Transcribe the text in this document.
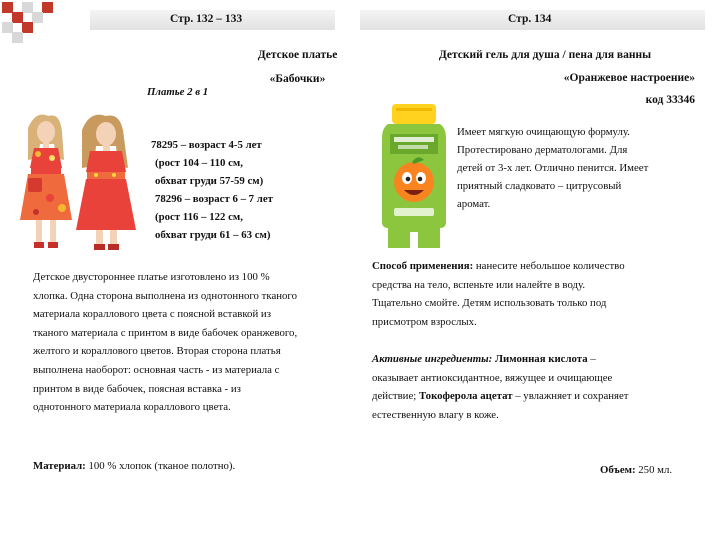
Стр. 132 – 133	Стр. 134
Детское платье
«Бабочки»
Платье 2 в 1
78295 – возраст 4-5 лет
(рост 104 – 110 см,
обхват груди 57-59 см)
78296 – возраст 6 – 7 лет
(рост 116 – 122 см,
обхват груди 61 – 63 см)
Детское двустороннее платье изготовлено из 100 %
хлопка. Одна сторона выполнена из однотонного тканого
материала кораллового цвета с поясной вставкой из
тканого материала с принтом в виде бабочек оранжевого,
желтого и кораллового цветов. Вторая сторона платья
выполнена наоборот: основная часть - из материала с
принтом в виде бабочек, поясная вставка - из
однотонного материала кораллового цвета.
Материал: 100 % хлопок (тканое полотно).
Детский гель для душа / пена для ванны
«Оранжевое настроение»
код 33346
Имеет мягкую очищающую формулу.
Протестировано дерматологами. Для
детей от 3-х лет. Отлично пенится. Имеет
приятный сладковато – цитрусовый
аромат.
Способ применения: нанесите небольшое количество
средства на тело, вспеньте или налейте в воду.
Тщательно смойте. Детям использовать только под
присмотром взрослых.
Активные ингредиенты: Лимонная кислота –
оказывает антиоксидантное, вяжущее и очищающее
действие; Токоферола ацетат – увлажняет и сохраняет
естественную влагу в коже.
Объем: 250 мл.
